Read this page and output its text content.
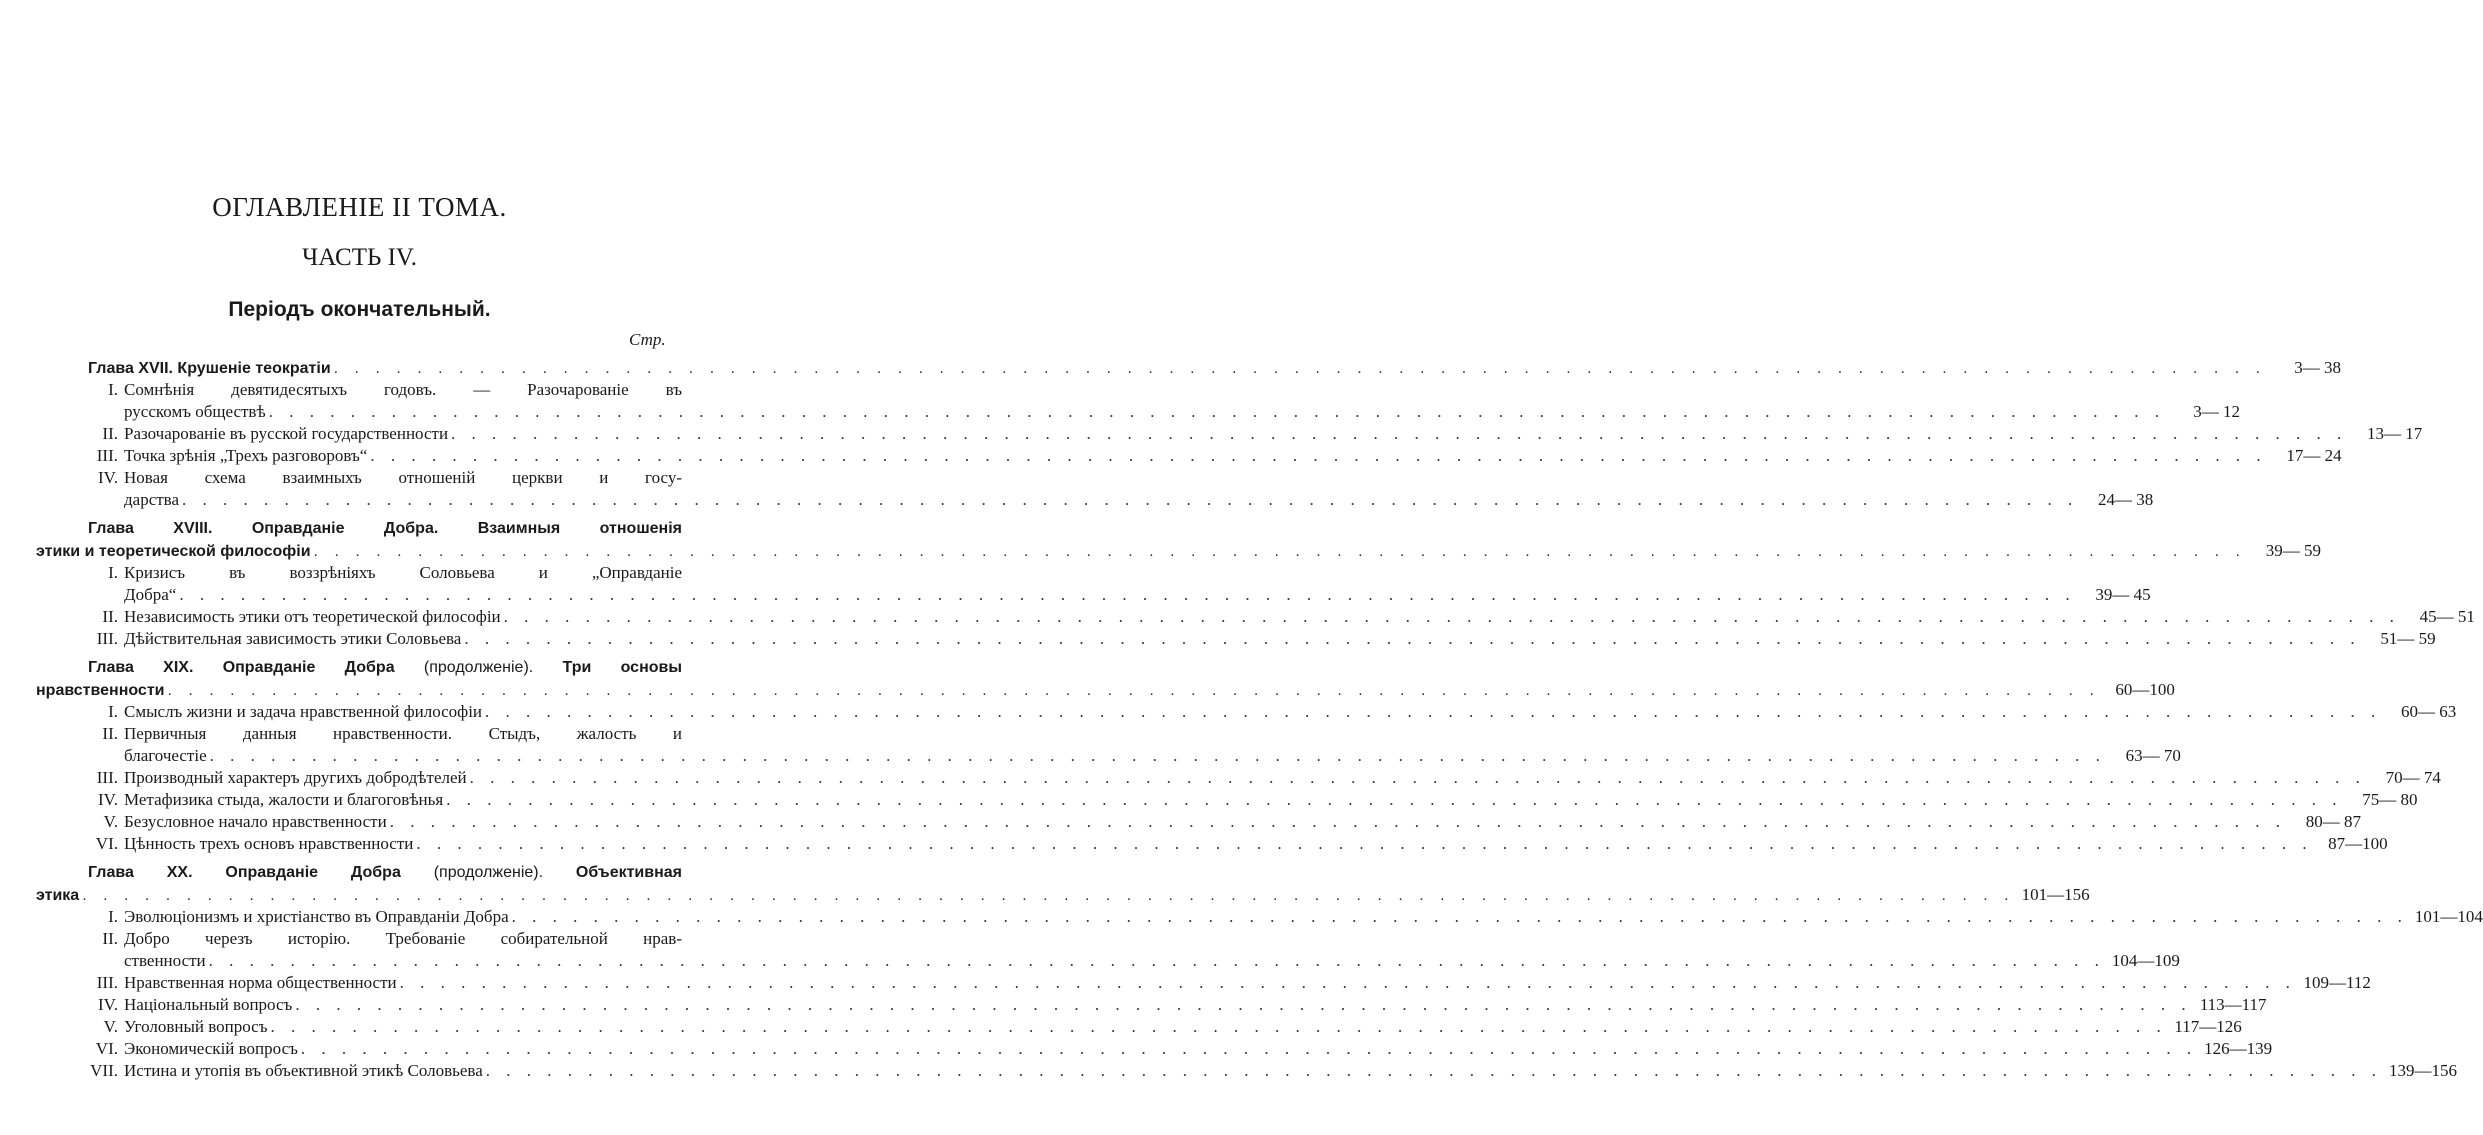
ОГЛАВЛЕНІЕ II ТОМА.
ЧАСТЬ IV.
Періодъ окончательный.
Стр.
Глава XVII. Крушеніе теократіи . . .	3— 38
I. Сомнѣнія девятидесятыхъ годовъ. — Разочарованіе въ
русскомъ обществѣ . . .	3— 12
II. Разочарованіе въ русской государственности . . .	13— 17
III. Точка зрѣнія „Трехъ разговоровъ“ . . .	17— 24
IV. Новая схема взаимныхъ отношеній церкви и госу-
дарства . . .	24— 38
Глава XVIII. Оправданіе Добра. Взаимныя отношенія
этики и теоретической философіи . . .	39— 59
I. Кризисъ въ воззрѣніяхъ Соловьева и „Оправданіе
Добра“ . . .	39— 45
II. Независимость этики отъ теоретической философіи . . .	45— 51
III. Дѣйствительная зависимость этики Соловьева . . .	51— 59
Глава XIX. Оправданіе Добра (продолженіе). Три основы
нравственности . . .	60—100
I. Смыслъ жизни и задача нравственной философіи . . .	60— 63
II. Первичныя данныя нравственности. Стыдъ, жалость и
благочестіе . . .	63— 70
III. Производный характеръ другихъ добродѣтелей . . .	70— 74
IV. Метафизика стыда, жалости и благоговѣнья . . .	75— 80
V. Безусловное начало нравственности . . .	80— 87
VI. Цѣнность трехъ основъ нравственности . . .	87—100
Глава XX. Оправданіе Добра (продолженіе). Объективная
этика . . .	101—156
I. Эволюціонизмъ и христіанство въ Оправданіи Добра . . .	101—104
II. Добро черезъ исторію. Требованіе собирательной нрав-
ственности . . .	104—109
III. Нравственная норма общественности . . .	109—112
IV. Національный вопросъ . . .	113—117
V. Уголовный вопросъ . . .	117—126
VI. Экономическій вопросъ . . .	126—139
VII. Истина и утопія въ объективной этикѣ Соловьева . . .	139—156
